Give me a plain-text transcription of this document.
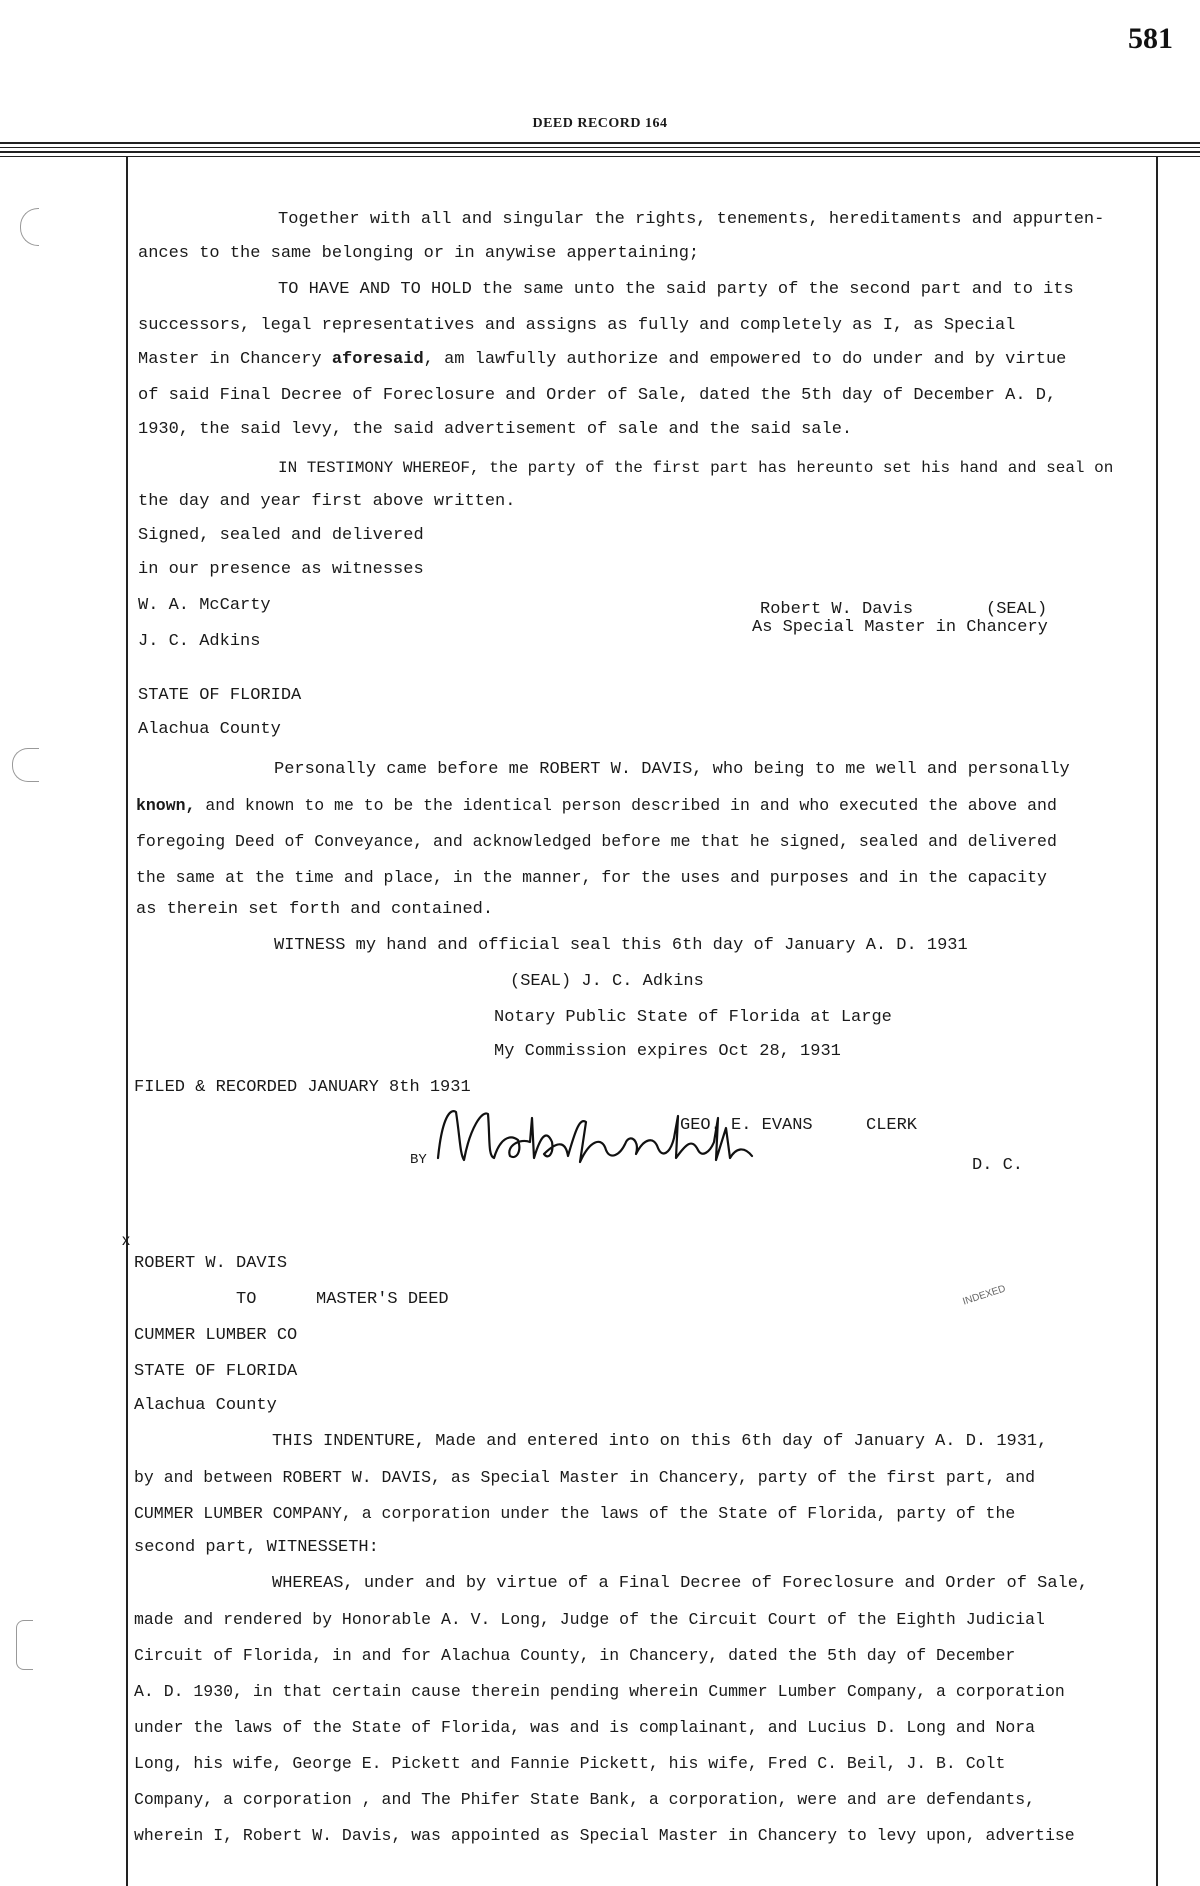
581
DEED RECORD 164
Together with all and singular the rights, tenements, hereditaments and appurten-
ances to the same belonging or in anywise appertaining;
TO HAVE AND TO HOLD the same unto the said party of the second part and to its
successors, legal representatives and assigns as fully and completely as I, as Special
Master in Chancery aforesaid, am lawfully authorize and empowered to do under and by virtue
of said Final Decree of Foreclosure and Order of Sale, dated the 5th day of December A. D,
1930, the said levy, the said advertisement of sale and the said sale.
IN TESTIMONY WHEREOF, the party of the first part has hereunto set his hand and seal on
the day and year first above written.
Signed, sealed and delivered
in our presence as witnesses
W. A. McCarty
J. C. Adkins
Robert W. Davis	(SEAL)
As Special Master in Chancery
STATE OF FLORIDA
Alachua County
Personally came before me ROBERT W. DAVIS, who being to me well and personally
known, and known to me to be the identical person described in and who executed the above and
foregoing Deed of Conveyance, and acknowledged before me that he signed, sealed and delivered
the same at the time and place, in the manner, for the uses and purposes and in the capacity
as therein set forth and contained.
WITNESS my hand and official seal this 6th day of January A. D. 1931
(SEAL) J. C. Adkins
Notary Public State of Florida at Large
My Commission expires Oct 28, 1931
FILED & RECORDED JANUARY 8th 1931
GEO. E. EVANS	CLERK
BY	D. C.
x
INDEXED
ROBERT W. DAVIS
TO	MASTER'S DEED
CUMMER LUMBER CO
STATE OF FLORIDA
Alachua County
THIS INDENTURE, Made and entered into on this 6th day of January A. D. 1931,
by and between ROBERT W. DAVIS, as Special Master in Chancery, party of the first part, and
CUMMER LUMBER COMPANY, a corporation under the laws of the State of Florida, party of the
second part, WITNESSETH:
WHEREAS, under and by virtue of a Final Decree of Foreclosure and Order of Sale,
made and rendered by Honorable A. V. Long, Judge of the Circuit Court of the Eighth Judicial
Circuit of Florida, in and for Alachua County, in Chancery, dated the 5th day of December
A. D. 1930, in that certain cause therein pending wherein Cummer Lumber Company, a corporation
under the laws of the State of Florida, was and is complainant, and Lucius D. Long and Nora
Long, his wife, George E. Pickett and Fannie Pickett, his wife, Fred C. Beil, J. B. Colt
Company, a corporation , and The Phifer State Bank, a corporation, were and are defendants,
wherein I, Robert W. Davis, was appointed as Special Master in Chancery to levy upon, advertise
